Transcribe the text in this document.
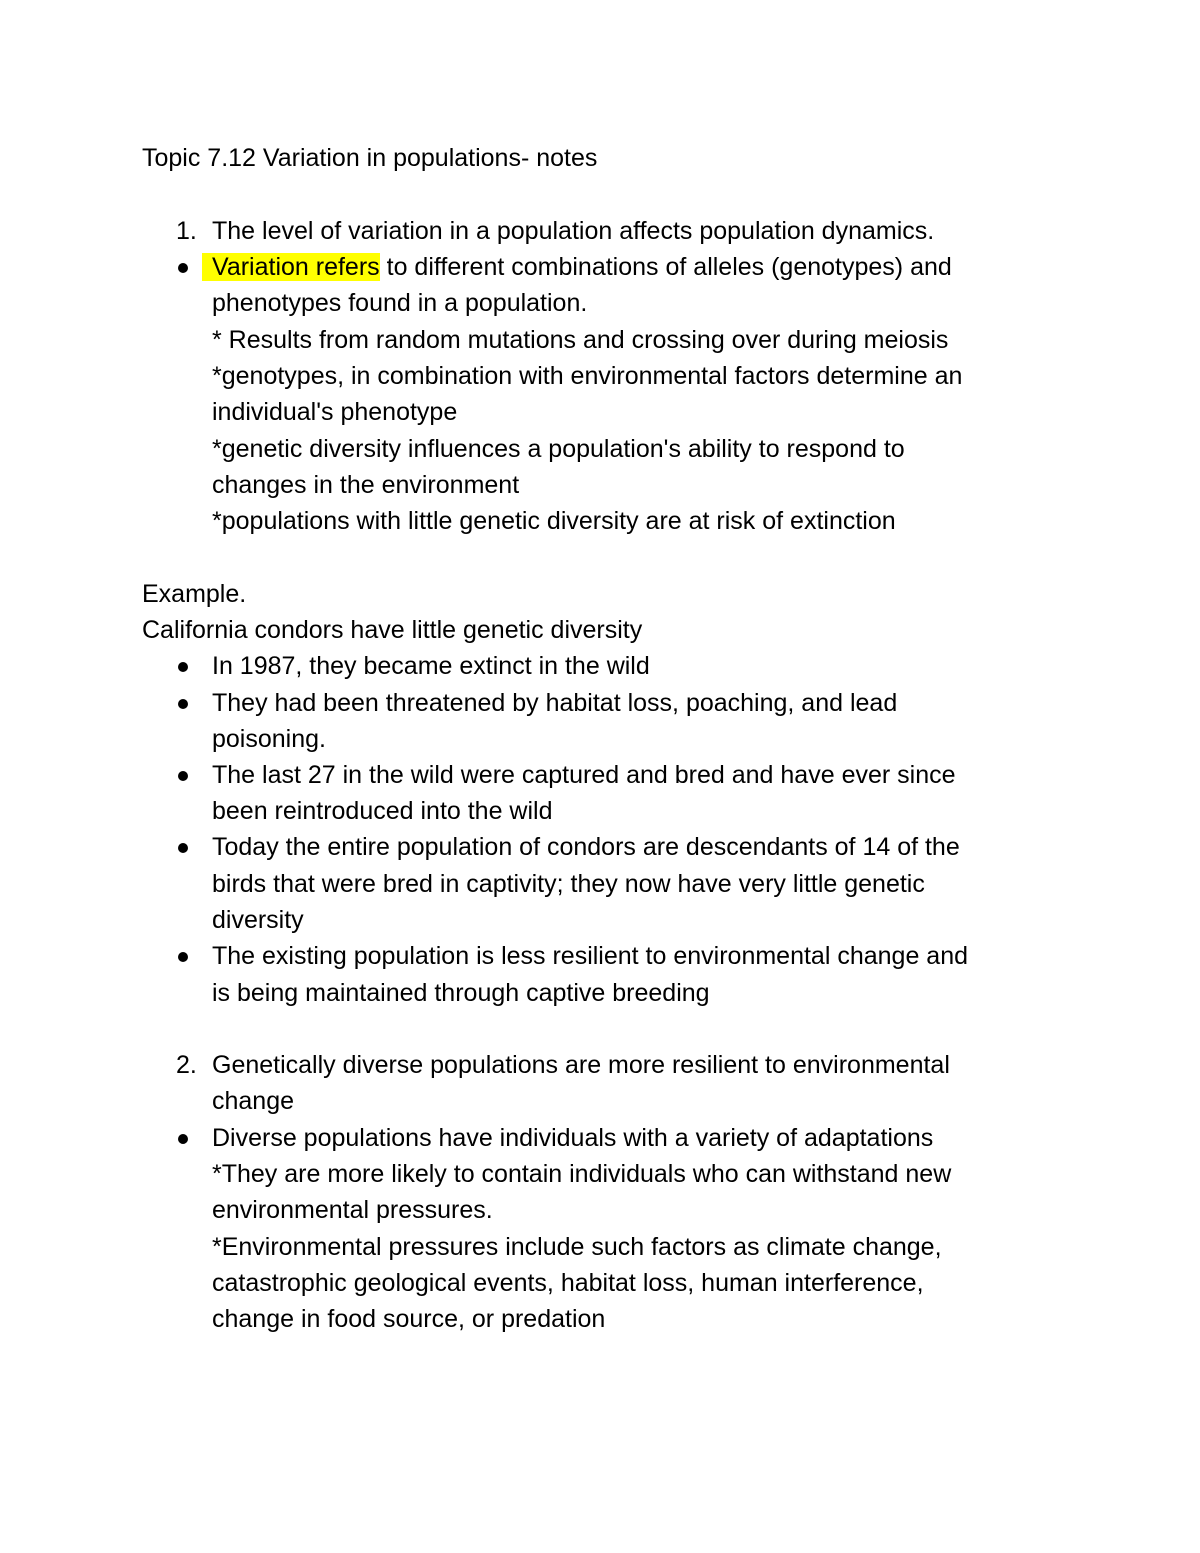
Topic 7.12 Variation in populations- notes
1. The level of variation in a population affects population dynamics.
Variation refers to different combinations of alleles (genotypes) and
phenotypes found in a population.
* Results from random mutations and crossing over during meiosis
*genotypes, in combination with environmental factors determine an
individual's phenotype
*genetic diversity influences a population's ability to respond to
changes in the environment
*populations with little genetic diversity are at risk of extinction
Example.
California condors have little genetic diversity
In 1987, they became extinct in the wild
They had been threatened by habitat loss, poaching, and lead
poisoning.
The last 27 in the wild were captured and bred and have ever since
been reintroduced into the wild
Today the entire population of condors are descendants of 14 of the
birds that were bred in captivity; they now have very little genetic
diversity
The existing population is less resilient to environmental change and
is being maintained through captive breeding
2. Genetically diverse populations are more resilient to environmental
change
Diverse populations have individuals with a variety of adaptations
*They are more likely to contain individuals who can withstand new
environmental pressures.
*Environmental pressures include such factors as climate change,
catastrophic geological events, habitat loss, human interference,
change in food source, or predation
